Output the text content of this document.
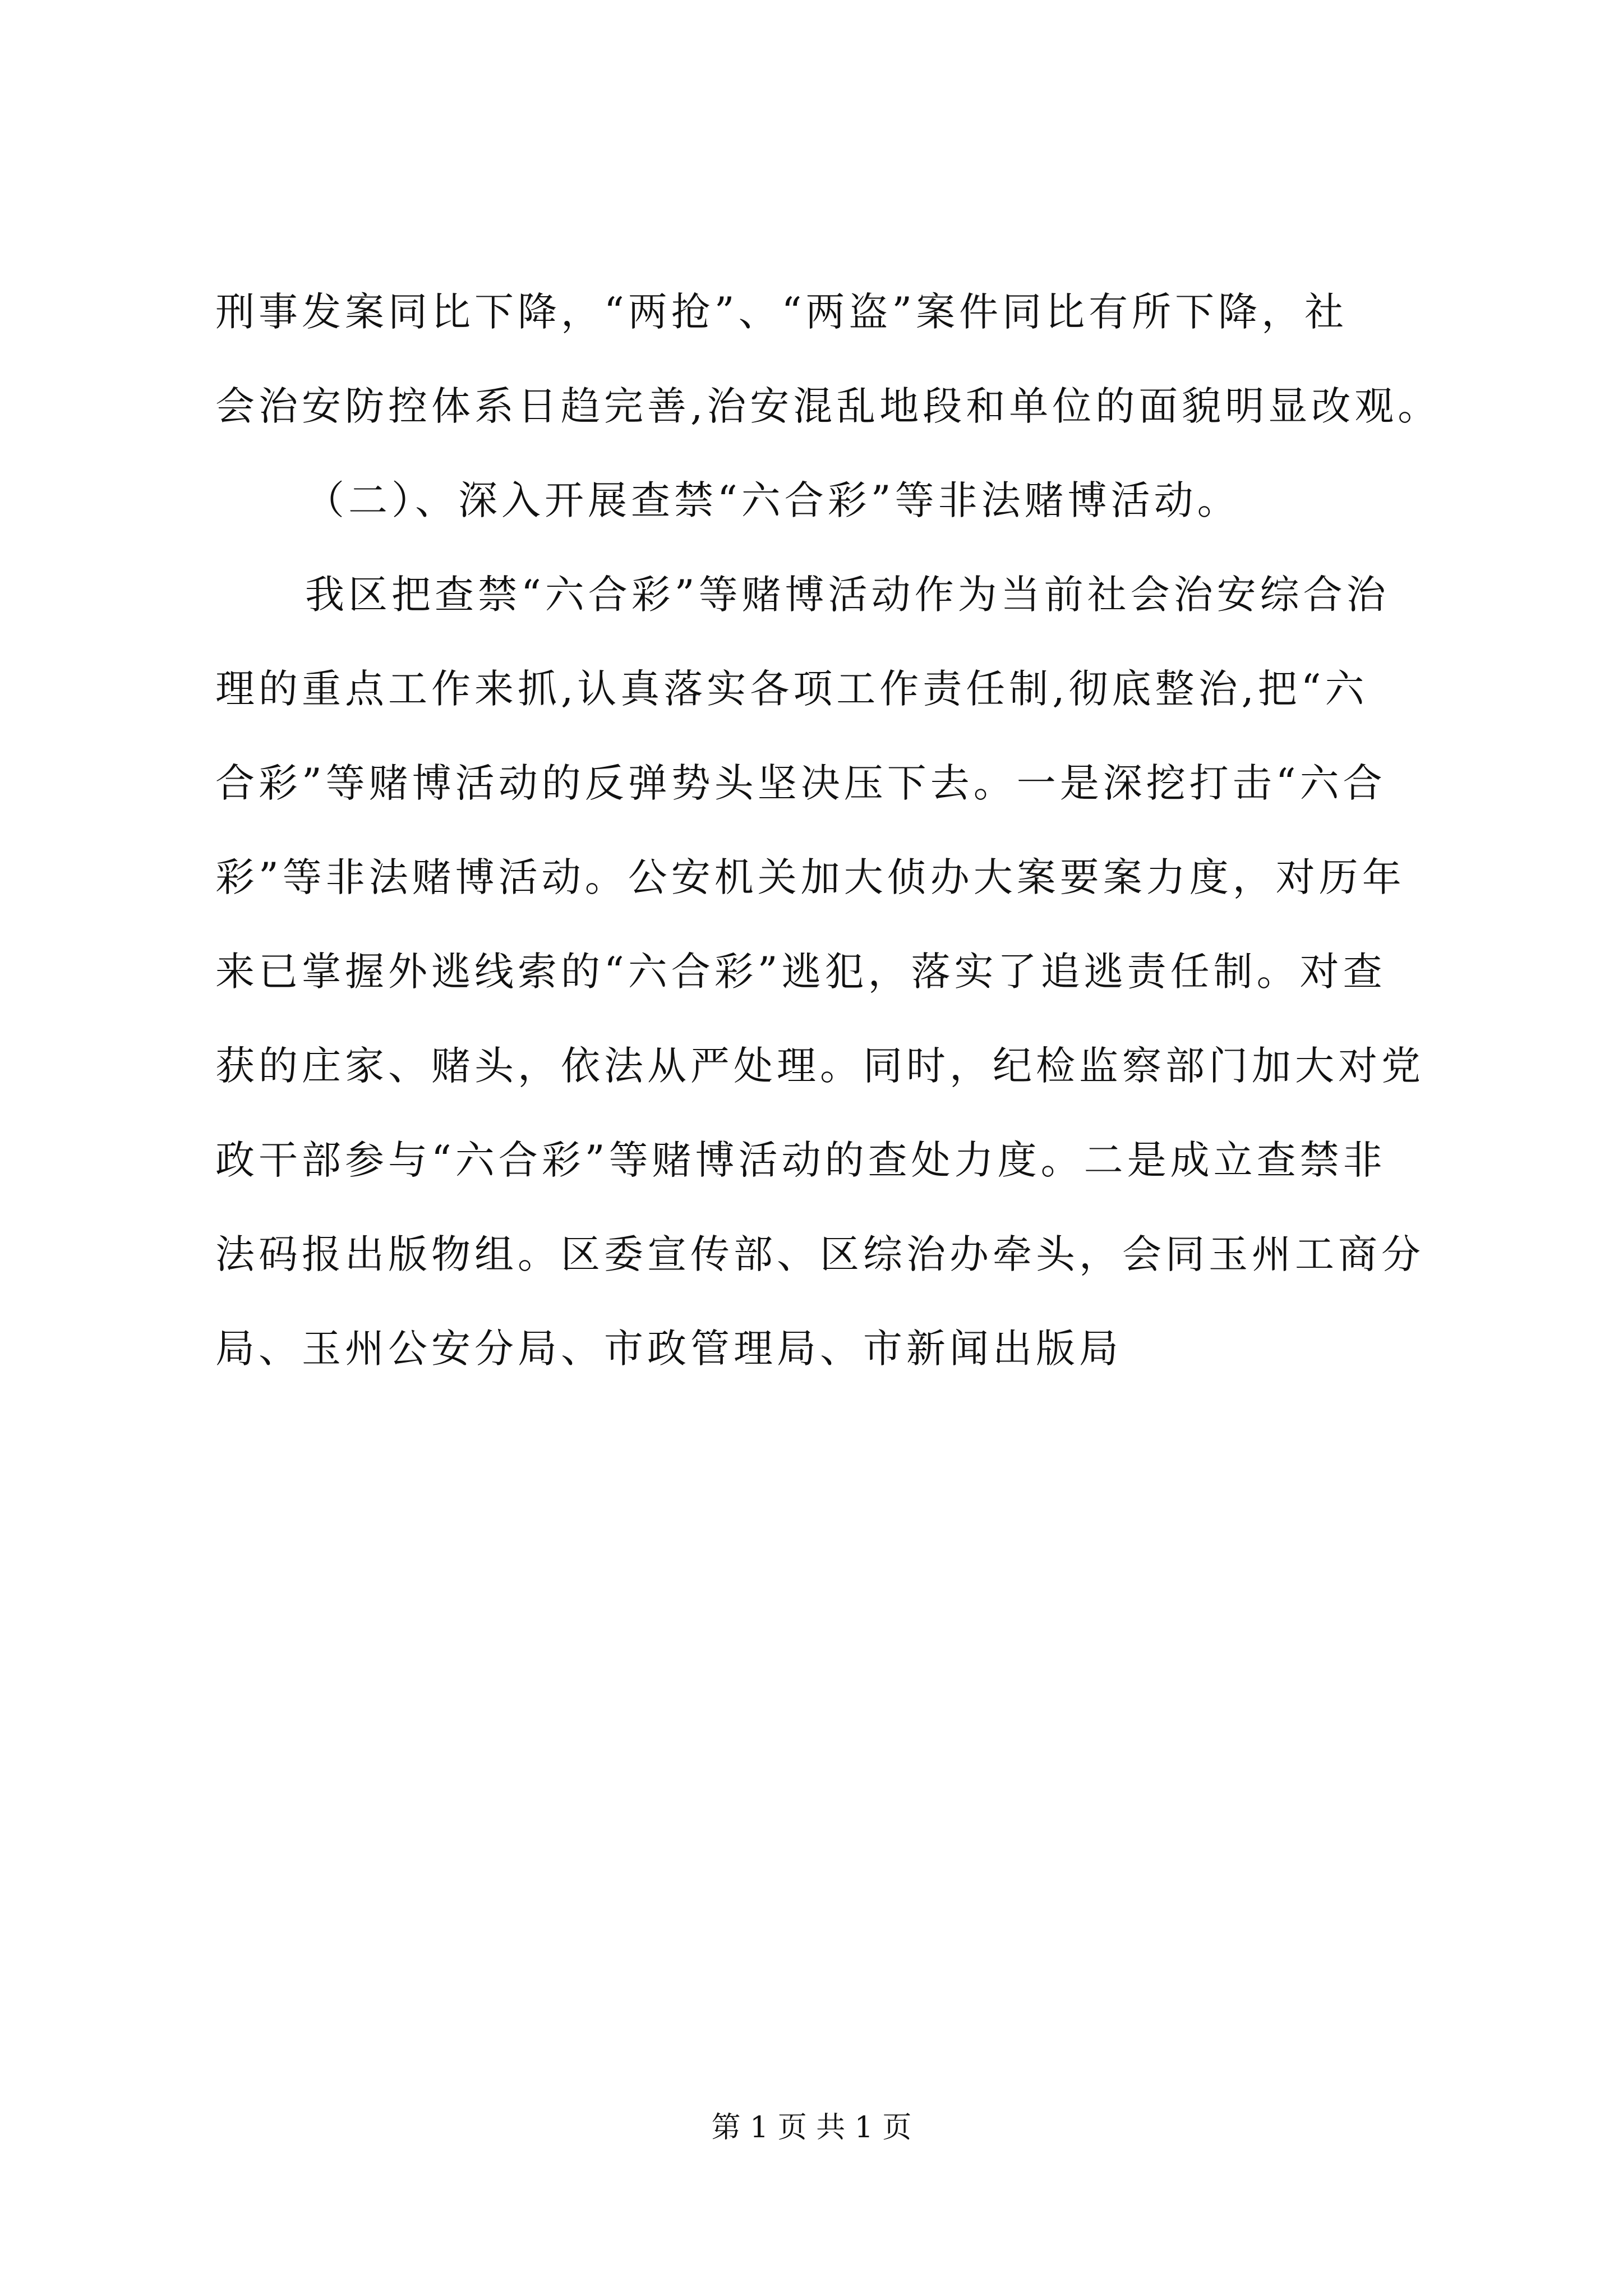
刑事发案同比下降，“两抢”、“两盗”案件同比有所下降，社
会治安防控体系日趋完善,治安混乱地段和单位的面貌明显改观。
（二）、深入开展查禁“六合彩”等非法赌博活动。
我区把查禁“六合彩”等赌博活动作为当前社会治安综合治
理的重点工作来抓,认真落实各项工作责任制,彻底整治,把“六
合彩”等赌博活动的反弹势头坚决压下去。一是深挖打击“六合
彩”等非法赌博活动。公安机关加大侦办大案要案力度，对历年
来已掌握外逃线索的“六合彩”逃犯，落实了追逃责任制。对查
获的庄家、赌头，依法从严处理。同时，纪检监察部门加大对党
政干部参与“六合彩”等赌博活动的查处力度。二是成立查禁非
法码报出版物组。区委宣传部、区综治办牵头，会同玉州工商分
局、玉州公安分局、市政管理局、市新闻出版局
第 1 页 共 1 页
